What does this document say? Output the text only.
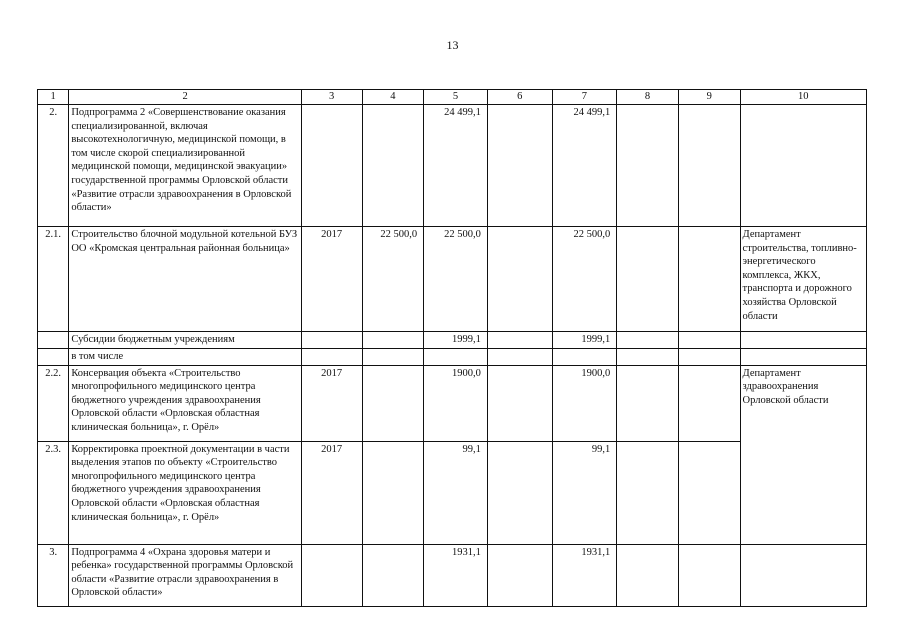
13
1	2	3	4	5	6	7	8	9	10
2.	Подпрограмма 2 «Совершенствование оказания специализированной, включая высокотехнологичную, медицинской помощи, в том числе скорой специализированной медицинской помощи, медицинской эвакуации» государственной программы Орловской области «Развитие отрасли здравоохранения в Орловской области»			24 499,1		24 499,1			
2.1.	Строительство блочной модульной котельной БУЗ ОО «Кромская центральная районная больница»	2017	22 500,0	22 500,0		22 500,0			Департамент строительства, топливно-энергетического комплекса, ЖКХ, транспорта и дорожного хозяйства Орловской области
	Субсидии бюджетным учреждениям			1999,1		1999,1			
	в том числе								
2.2.	Консервация объекта «Строительство многопрофильного медицинского центра бюджетного учреждения здравоохранения Орловской области «Орловская областная клиническая больница», г. Орёл»	2017		1900,0		1900,0			Департамент здравоохранения Орловской области
2.3.	Корректировка проектной документации в части выделения этапов по объекту «Строительство многопрофильного медицинского центра бюджетного учреждения здравоохранения Орловской области «Орловская областная клиническая больница», г. Орёл»	2017		99,1		99,1			
3.	Подпрограмма 4 «Охрана здоровья матери и ребенка» государственной программы Орловской области «Развитие отрасли здравоохранения в Орловской области»			1931,1		1931,1			
